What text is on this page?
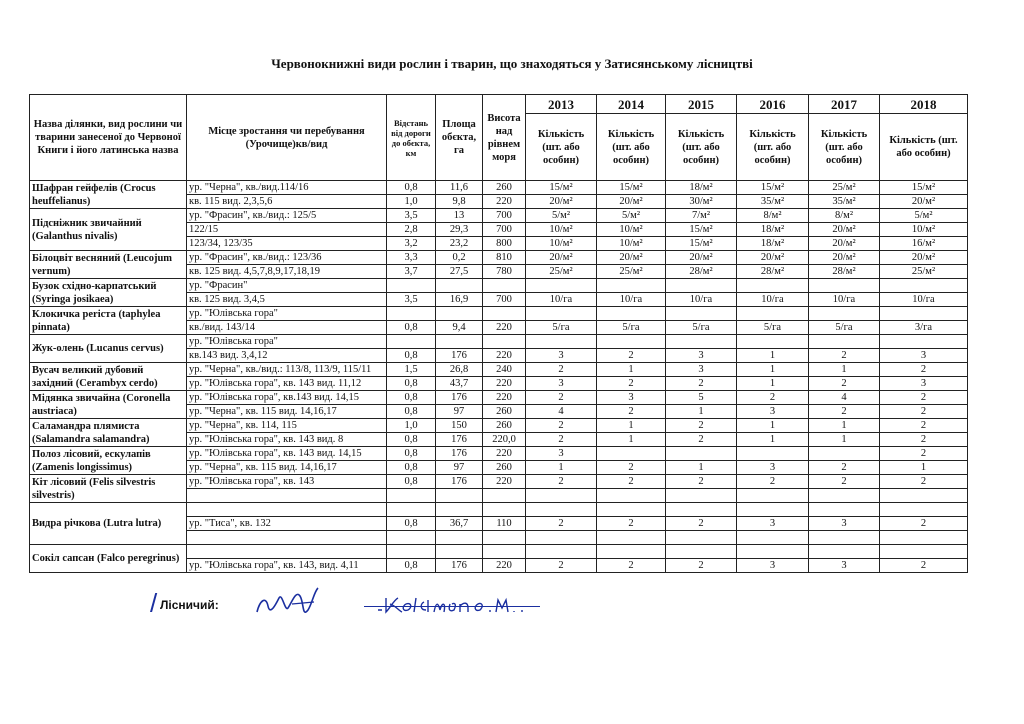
Червонокнижні види рослин і тварин, що знаходяться у Затисянському лісництві
Назва ділянки, вид рослини чи тварини занесеної до Червоної Книги і його латинська назва	Місце зростання чи перебування (Урочище)кв/вид	Відстань від дороги до обєкта, км	Площа обєкта, га	Висота над рівнем моря	2013	2014	2015	2016	2017	2018
					Кількість (шт. або особин)	Кількість (шт. або особин)	Кількість (шт. або особин)	Кількість (шт. або особин)	Кількість (шт. або особин)	Кількість (шт. або особин)
Шафран гейфелів (Crocus heuffelianus)	ур. "Черна", кв./вид.114/16	0,8	11,6	260	15/м²	15/м²	18/м²	15/м²	25/м²	15/м²
	кв. 115 вид. 2,3,5,6	1,0	9,8	220	20/м²	20/м²	30/м²	35/м²	35/м²	20/м²
Підсніжник звичайний (Galanthus nivalis)	ур. "Фрасин", кв./вид.: 125/5	3,5	13	700	5/м²	5/м²	7/м²	8/м²	8/м²	5/м²
	122/15	2,8	29,3	700	10/м²	10/м²	15/м²	18/м²	20/м²	10/м²
	123/34, 123/35	3,2	23,2	800	10/м²	10/м²	15/м²	18/м²	20/м²	16/м²
Білоцвіт весняний (Leucojum vernum)	ур. "Фрасин", кв./вид.: 123/36	3,3	0,2	810	20/м²	20/м²	20/м²	20/м²	20/м²	20/м²
	кв. 125 вид. 4,5,7,8,9,17,18,19	3,7	27,5	780	25/м²	25/м²	28/м²	28/м²	28/м²	25/м²
Бузок східно-карпатський (Syringa josikaea)	ур. "Фрасин"									
	кв. 125 вид. 3,4,5	3,5	16,9	700	10/га	10/га	10/га	10/га	10/га	10/га
Клокичка periста (taphylea pinnata)	ур. "Юлівська гора"									
	кв./вид. 143/14	0,8	9,4	220	5/га	5/га	5/га	5/га	5/га	3/га
Жук-олень (Lucanus cervus)	ур. "Юлівська гора"									
	кв.143 вид. 3,4,12	0,8	176	220	3	2	3	1	2	3
Вусач великий дубовий західний (Cerambyx cerdo)	ур. "Черна", кв./вид.: 113/8, 113/9, 115/11	1,5	26,8	240	2	1	3	1	1	2
	ур. "Юлівська гора", кв. 143 вид. 11,12	0,8	43,7	220	3	2	2	1	2	3
Мідянка звичайна (Coronella austriaca)	ур. "Юлівська гора", кв.143 вид. 14,15	0,8	176	220	2	3	5	2	4	2
	ур. "Черна", кв. 115 вид. 14,16,17	0,8	97	260	4	2	1	3	2	2
Саламандра плямиста (Salamandra salamandra)	ур. "Черна", кв. 114, 115	1,0	150	260	2	1	2	1	1	2
	ур. "Юлівська гора", кв. 143 вид. 8	0,8	176	220,0	2	1	2	1	1	2
Полоз лісовий, ескулапів (Zamenis longissimus)	ур. "Юлівська гора", кв. 143 вид. 14,15	0,8	176	220	3					2
	ур. "Черна", кв. 115 вид. 14,16,17	0,8	97	260	1	2	1	3	2	1
Кіт лісовий (Felis silvestris silvestris)	ур. "Юлівська гора", кв. 143	0,8	176	220	2	2	2	2	2	2

Видра річкова (Lutra lutra)										
	ур. "Тиса", кв. 132	0,8	36,7	110	2	2	2	3	3	2

Сокіл сапсан (Falco peregrinus)										
	ур. "Юлівська гора", кв. 143, вид. 4,11	0,8	176	220	2	2	2	3	3	2
/ Лісничий:
